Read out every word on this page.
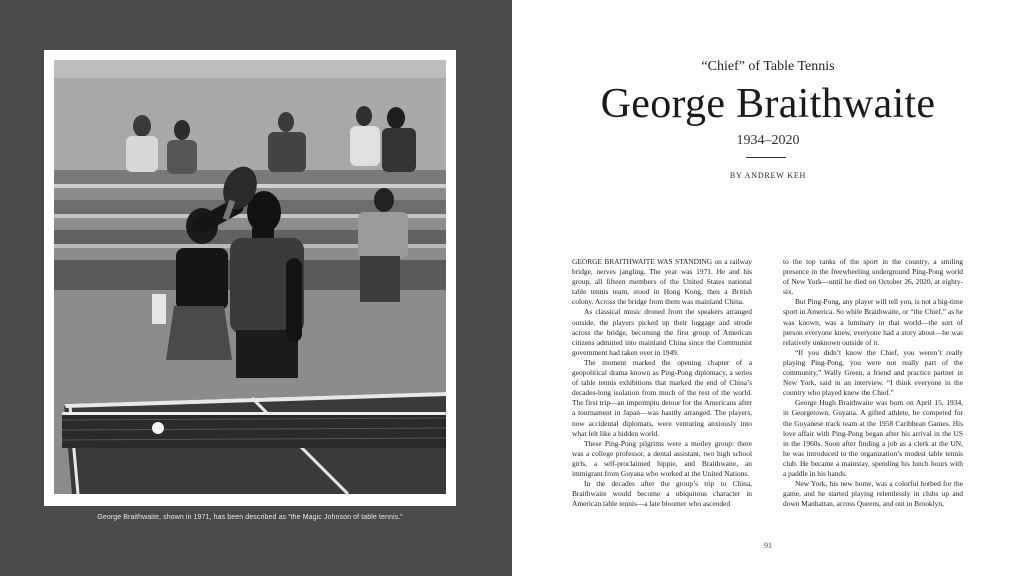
George Braithwaite, shown in 1971, has been described as “the Magic Johnson of table tennis.”
“Chief” of Table Tennis
George Braithwaite
1934–2020
BY ANDREW KEH

GEORGE BRAITHWAITE WAS STANDING on a railway bridge, nerves jangling. The year was 1971. He and his group, all fifteen members of the United States national table tennis team, stood in Hong Kong, then a British colony. Across the bridge from them was mainland China.

As classical music droned from the speakers arranged outside, the players picked up their luggage and strode across the bridge, becoming the first group of American citizens admitted into mainland China since the Communist government had taken over in 1949.

The moment marked the opening chapter of a geopolitical drama known as Ping-Pong diplomacy, a series of table tennis exhibitions that marked the end of China’s decades-long isolation from much of the rest of the world. The first trip—an impromptu detour for the Americans after a tournament in Japan—was hastily arranged. The players, now accidental diplomats, were venturing anxiously into what felt like a hidden world.

These Ping-Pong pilgrims were a motley group: there was a college professor, a dental assistant, two high school girls, a self-proclaimed hippie, and Braithwaite, an immigrant from Guyana who worked at the United Nations.

In the decades after the group’s trip to China, Braithwaite would become a ubiquitous character in American table tennis—a late bloomer who ascended

to the top ranks of the sport in the country, a smiling presence in the freewheeling underground Ping-Pong world of New York—until he died on October 26, 2020, at eighty-six.

But Ping-Pong, any player will tell you, is not a big-time sport in America. So while Braithwaite, or “the Chief,” as he was known, was a luminary in that world—the sort of person everyone knew, everyone had a story about—he was relatively unknown outside of it.

“If you didn’t know the Chief, you weren’t really playing Ping-Pong, you were not really part of the community,” Wally Green, a friend and practice partner in New York, said in an interview. “I think everyone in the country who played knew the Chief.”

George Hugh Braithwaite was born on April 15, 1934, in Georgetown, Guyana. A gifted athlete, he competed for the Guyanese track team at the 1958 Caribbean Games. His love affair with Ping-Pong began after his arrival in the US in the 1960s. Soon after finding a job as a clerk at the UN, he was introduced to the organization’s modest table tennis club. He became a mainstay, spending his lunch hours with a paddle in his hands.

New York, his new home, was a colorful hotbed for the game, and he started playing relentlessly in clubs up and down Manhattan, across Queens, and out in Brooklyn,

91
